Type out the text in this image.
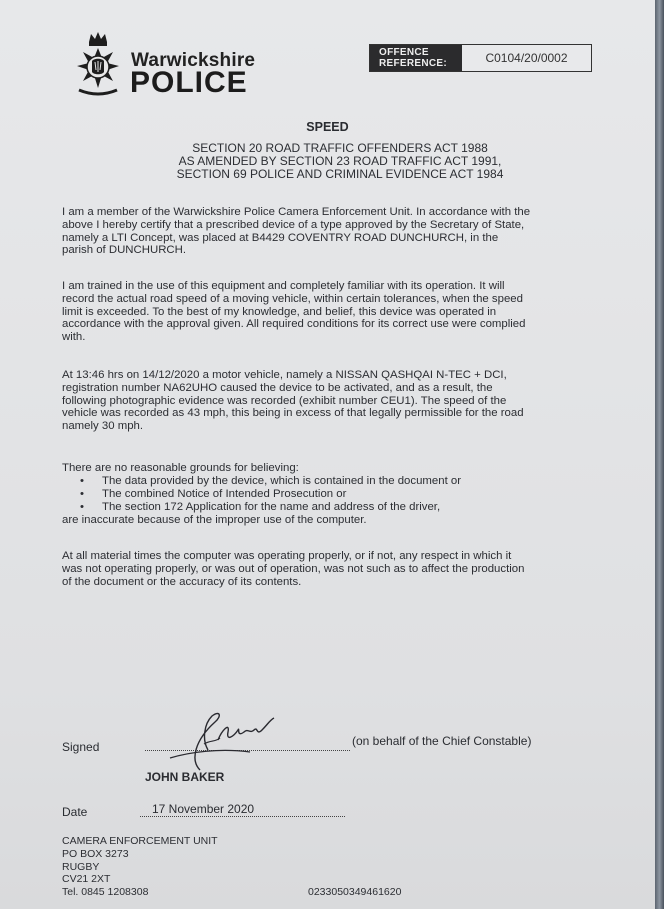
Warwickshire
POLICE
OFFENCE REFERENCE:	C0104/20/0002
SPEED
SECTION 20 ROAD TRAFFIC OFFENDERS ACT 1988
AS AMENDED BY SECTION 23 ROAD TRAFFIC ACT 1991,
SECTION 69 POLICE AND CRIMINAL EVIDENCE ACT 1984
I am a member of the Warwickshire Police Camera Enforcement Unit. In accordance with the
above I hereby certify that a prescribed device of a type approved by the Secretary of State,
namely a LTI Concept, was placed at B4429 COVENTRY ROAD DUNCHURCH, in the
parish of DUNCHURCH.
I am trained in the use of this equipment and completely familiar with its operation. It will
record the actual road speed of a moving vehicle, within certain tolerances, when the speed
limit is exceeded. To the best of my knowledge, and belief, this device was operated in
accordance with the approval given. All required conditions for its correct use were complied
with.
At 13:46 hrs on 14/12/2020 a motor vehicle, namely a NISSAN QASHQAI N-TEC + DCI,
registration number NA62UHO caused the device to be activated, and as a result, the
following photographic evidence was recorded (exhibit number CEU1). The speed of the
vehicle was recorded as 43 mph, this being in excess of that legally permissible for the road
namely 30 mph.
There are no reasonable grounds for believing:
• The data provided by the device, which is contained in the document or
• The combined Notice of Intended Prosecution or
• The section 172 Application for the name and address of the driver,
are inaccurate because of the improper use of the computer.
At all material times the computer was operating properly, or if not, any respect in which it
was not operating properly, or was out of operation, was not such as to affect the production
of the document or the accuracy of its contents.
Signed	(on behalf of the Chief Constable)
JOHN BAKER
Date	17 November 2020
CAMERA ENFORCEMENT UNIT
PO BOX 3273
RUGBY
CV21 2XT
Tel. 0845 1208308	0233050349461620
